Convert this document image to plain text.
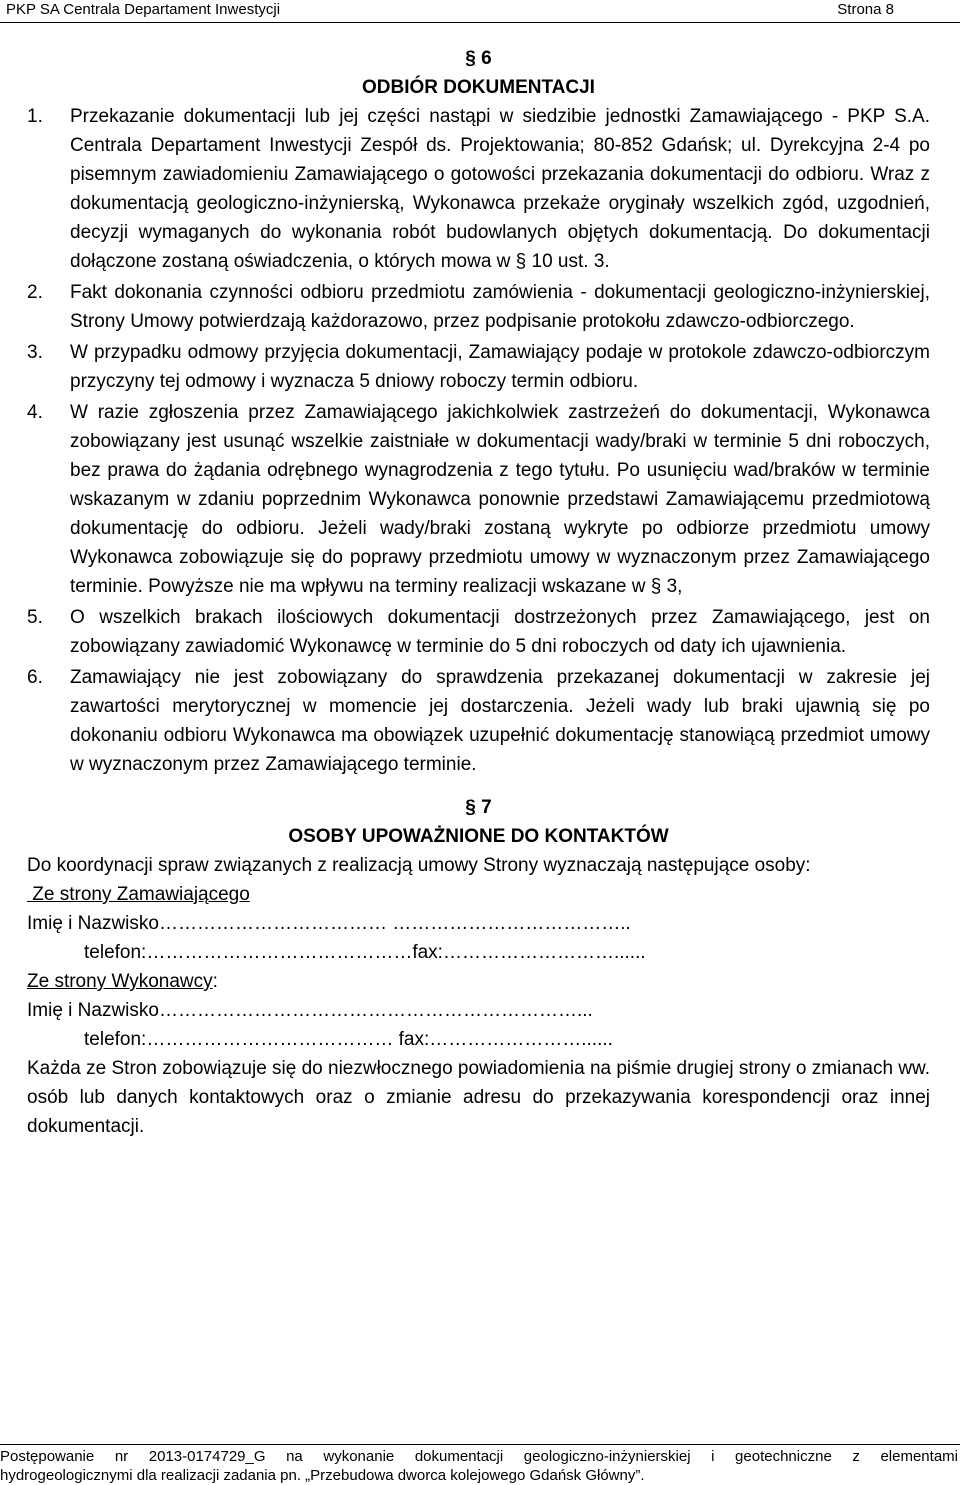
PKP SA Centrala Departament Inwestycji	Strona 8
§ 6
ODBIÓR DOKUMENTACJI
1. Przekazanie dokumentacji lub jej części nastąpi w siedzibie jednostki Zamawiającego - PKP S.A. Centrala Departament Inwestycji Zespół ds. Projektowania; 80-852 Gdańsk; ul. Dyrekcyjna 2-4 po pisemnym zawiadomieniu Zamawiającego o gotowości przekazania dokumentacji do odbioru. Wraz z dokumentacją geologiczno-inżynierską, Wykonawca przekaże oryginały wszelkich zgód, uzgodnień, decyzji wymaganych do wykonania robót budowlanych objętych dokumentacją. Do dokumentacji dołączone zostaną oświadczenia, o których mowa w § 10 ust. 3.
2. Fakt dokonania czynności odbioru przedmiotu zamówienia - dokumentacji geologiczno-inżynierskiej, Strony Umowy potwierdzają każdorazowo, przez podpisanie protokołu zdawczo-odbiorczego.
3. W przypadku odmowy przyjęcia dokumentacji, Zamawiający podaje w protokole zdawczo-odbiorczym przyczyny tej odmowy i wyznacza 5 dniowy roboczy termin odbioru.
4. W razie zgłoszenia przez Zamawiającego jakichkolwiek zastrzeżeń do dokumentacji, Wykonawca zobowiązany jest usunąć wszelkie zaistniałe w dokumentacji wady/braki w terminie 5 dni roboczych, bez prawa do żądania odrębnego wynagrodzenia z tego tytułu. Po usunięciu wad/braków w terminie wskazanym w zdaniu poprzednim Wykonawca ponownie przedstawi Zamawiającemu przedmiotową dokumentację do odbioru. Jeżeli wady/braki zostaną wykryte po odbiorze przedmiotu umowy Wykonawca zobowiązuje się do poprawy przedmiotu umowy w wyznaczonym przez Zamawiającego terminie. Powyższe nie ma wpływu na terminy realizacji wskazane w § 3,
5. O wszelkich brakach ilościowych dokumentacji dostrzeżonych przez Zamawiającego, jest on zobowiązany zawiadomić Wykonawcę w terminie do 5 dni roboczych od daty ich ujawnienia.
6. Zamawiający nie jest zobowiązany do sprawdzenia przekazanej dokumentacji w zakresie jej zawartości merytorycznej w momencie jej dostarczenia. Jeżeli wady lub braki ujawnią się po dokonaniu odbioru Wykonawca ma obowiązek uzupełnić dokumentację stanowiącą przedmiot umowy w wyznaczonym przez Zamawiającego terminie.
§ 7
OSOBY UPOWAŻNIONE DO KONTAKTÓW
Do koordynacji spraw związanych z realizacją umowy Strony wyznaczają następujące osoby:
Ze strony Zamawiającego
Imię i Nazwisko……………………………… ………………………………..
telefon:……………………………………fax:………………………......
Ze strony Wykonawcy:
Imię i Nazwisko…………………………………………………………...
telefon:………………………………… fax:……………………......
Każda ze Stron zobowiązuje się do niezwłocznego powiadomienia na piśmie drugiej strony o zmianach ww. osób lub danych kontaktowych oraz o zmianie adresu do przekazywania korespondencji oraz innej dokumentacji.
Postępowanie nr 2013-0174729_G na wykonanie dokumentacji geologiczno-inżynierskiej i geotechniczne z elementami
hydrogeologicznymi dla realizacji zadania pn. „Przebudowa dworca kolejowego Gdańsk Główny”.
